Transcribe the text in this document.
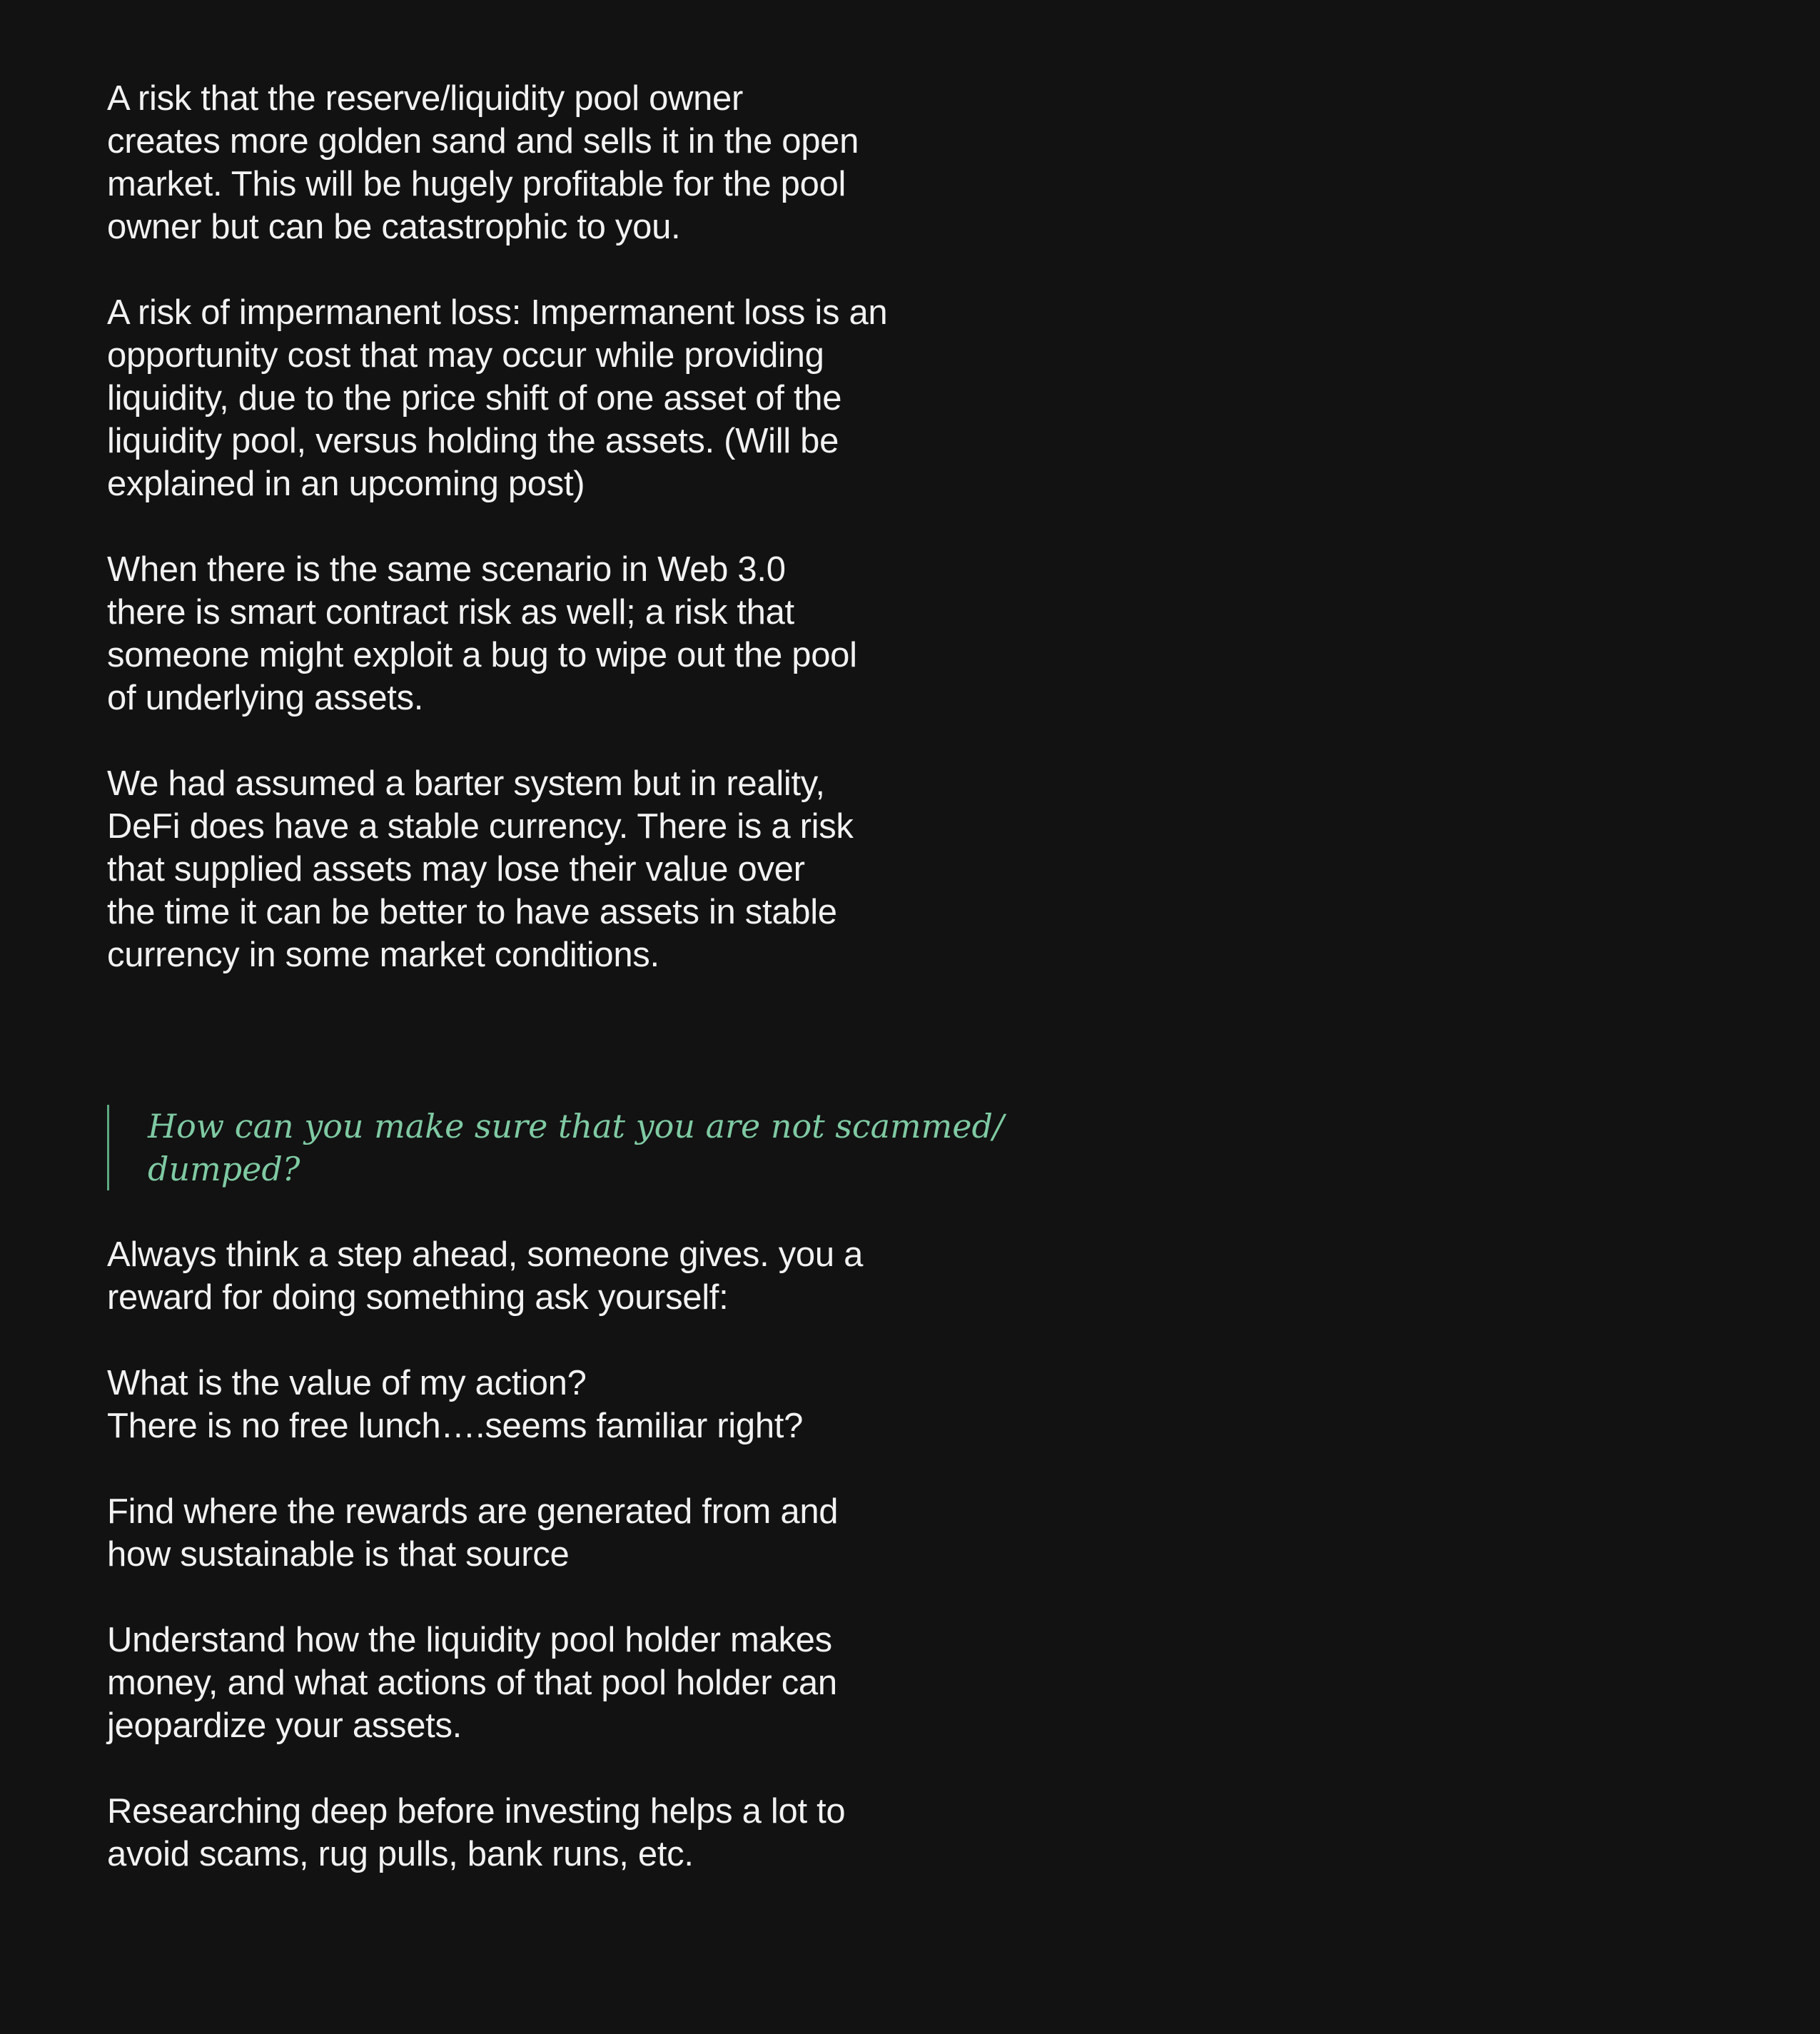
A risk that the reserve/liquidity pool owner
creates more golden sand and sells it in the open
market. This will be hugely profitable for the pool
owner but can be catastrophic to you.

A risk of impermanent loss: Impermanent loss is an
opportunity cost that may occur while providing
liquidity, due to the price shift of one asset of the
liquidity pool, versus holding the assets. (Will be
explained in an upcoming post)

When there is the same scenario in Web 3.0
there is smart contract risk as well; a risk that
someone might exploit a bug to wipe out the pool
of underlying assets.

We had assumed a barter system but in reality,
DeFi does have a stable currency. There is a risk
that supplied assets may lose their value over
the time it can be better to have assets in stable
currency in some market conditions.

How can you make sure that you are not scammed/
dumped?

Always think a step ahead, someone gives. you a
reward for doing something ask yourself:

What is the value of my action?
There is no free lunch….seems familiar right?

Find where the rewards are generated from and
how sustainable is that source

Understand how the liquidity pool holder makes
money, and what actions of that pool holder can
jeopardize your assets.

Researching deep before investing helps a lot to
avoid scams, rug pulls, bank runs, etc.
